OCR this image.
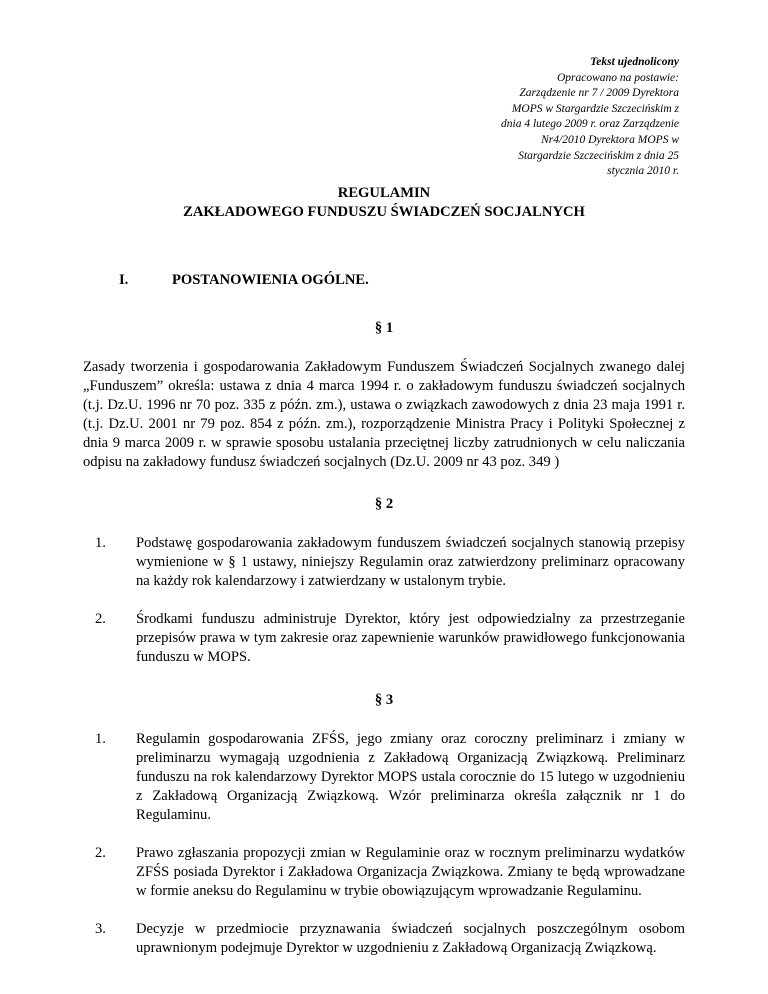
Tekst ujednolicony
Opracowano na postawie:
Zarządzenie nr 7 / 2009 Dyrektora
MOPS w Stargardzie Szczecińskim z
dnia 4 lutego 2009 r. oraz Zarządzenie
Nr4/2010 Dyrektora MOPS w
Stargardzie Szczecińskim z dnia 25
stycznia 2010 r.
REGULAMIN
ZAKŁADOWEGO FUNDUSZU ŚWIADCZEŃ SOCJALNYCH
I.	POSTANOWIENIA OGÓLNE.
§ 1
Zasady tworzenia i gospodarowania Zakładowym Funduszem Świadczeń Socjalnych zwanego dalej „Funduszem” określa: ustawa z dnia 4 marca 1994 r. o zakładowym funduszu świadczeń socjalnych (t.j. Dz.U. 1996 nr 70 poz. 335 z późn. zm.), ustawa o związkach zawodowych z dnia 23 maja 1991 r. (t.j. Dz.U. 2001 nr 79 poz. 854 z późn. zm.), rozporządzenie Ministra Pracy i Polityki Społecznej z dnia 9 marca 2009 r. w sprawie sposobu ustalania przeciętnej liczby zatrudnionych w celu naliczania odpisu na zakładowy fundusz świadczeń socjalnych (Dz.U. 2009 nr 43 poz. 349 )
§ 2
1. Podstawę gospodarowania zakładowym funduszem świadczeń socjalnych stanowią przepisy wymienione w § 1 ustawy, niniejszy Regulamin oraz zatwierdzony preliminarz opracowany na każdy rok kalendarzowy i zatwierdzany w ustalonym trybie.
2. Środkami funduszu administruje Dyrektor, który jest odpowiedzialny za przestrzeganie przepisów prawa w tym zakresie oraz zapewnienie warunków prawidłowego funkcjonowania funduszu w MOPS.
§ 3
1. Regulamin gospodarowania ZFŚS, jego zmiany oraz coroczny preliminarz i zmiany w preliminarzu wymagają uzgodnienia z Zakładową Organizacją Związkową. Preliminarz funduszu na rok kalendarzowy Dyrektor MOPS ustala corocznie do 15 lutego w uzgodnieniu z Zakładową Organizacją Związkową. Wzór preliminarza określa załącznik nr 1 do Regulaminu.
2. Prawo zgłaszania propozycji zmian w Regulaminie oraz w rocznym preliminarzu wydatków ZFŚS posiada Dyrektor i Zakładowa Organizacja Związkowa. Zmiany te będą wprowadzane w formie aneksu do Regulaminu w trybie obowiązującym wprowadzanie Regulaminu.
3. Decyzje w przedmiocie przyznawania świadczeń socjalnych poszczególnym osobom uprawnionym podejmuje Dyrektor w uzgodnieniu z Zakładową Organizacją Związkową.
